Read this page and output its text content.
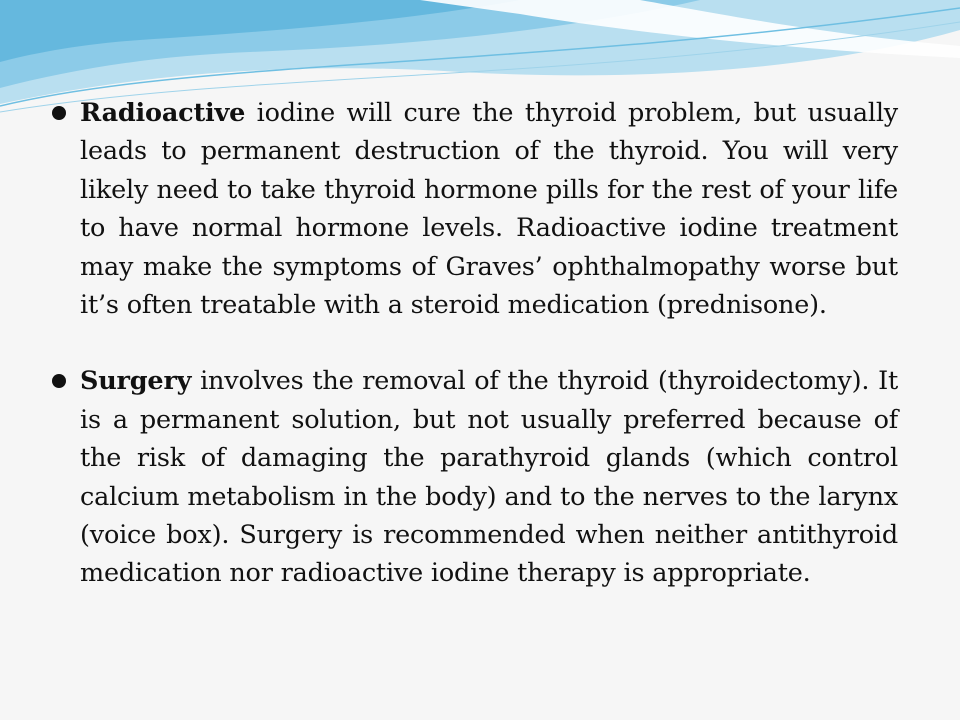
Radioactive iodine will cure the thyroid problem, but usually leads to permanent destruction of the thyroid. You will very likely need to take thyroid hormone pills for the rest of your life to have normal hormone levels. Radioactive iodine treatment may make the symptoms of Graves’ ophthalmopathy worse but it’s often treatable with a steroid medication (prednisone).
Surgery involves the removal of the thyroid (thyroidectomy). It is a permanent solution, but not usually preferred because of the risk of damaging the parathyroid glands (which control calcium metabolism in the body) and to the nerves to the larynx (voice box). Surgery is recommended when neither antithyroid medication nor radioactive iodine therapy is appropriate.
